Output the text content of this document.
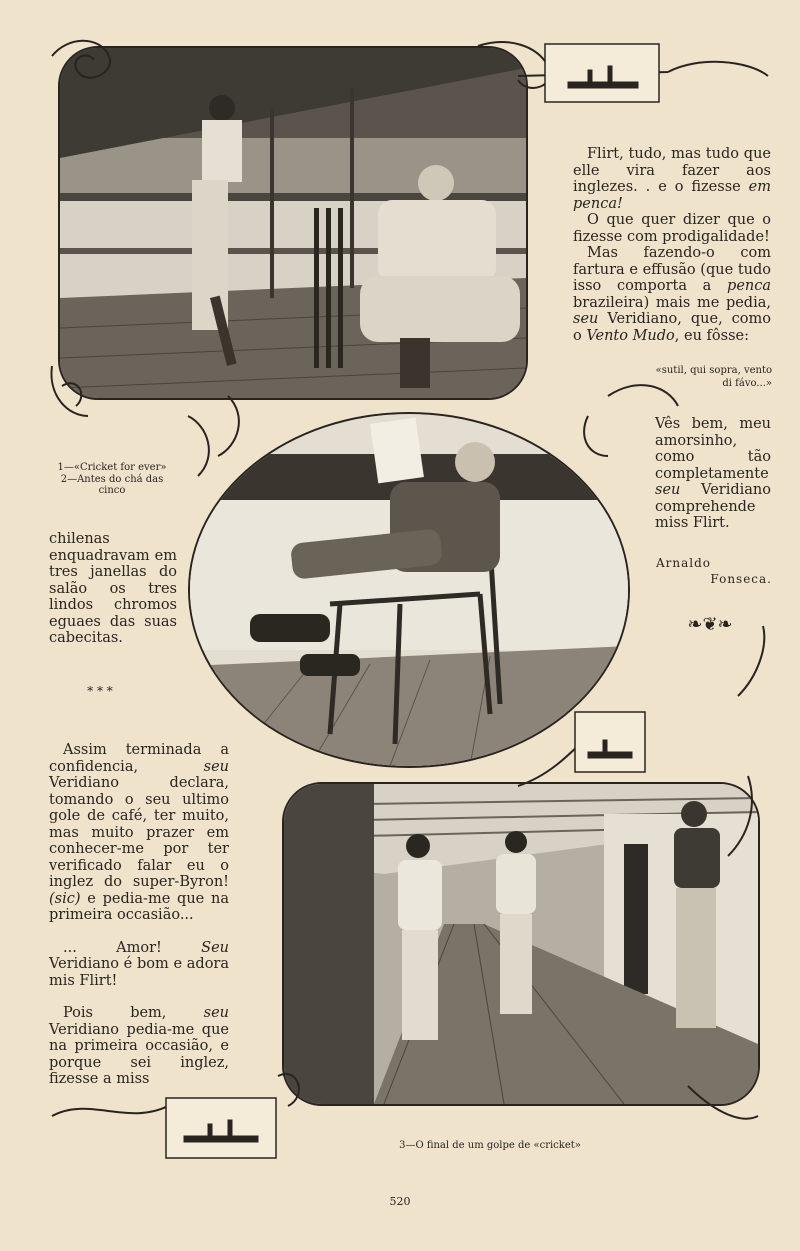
Flirt, tudo, mas tudo que elle vira fazer aos inglezes. . e o fizesse em penca!

O que quer dizer que o fizesse com prodigalidade!

Mas fazendo-o com fartura e effusão (que tudo isso comporta a penca brazileira) mais me pedia, seu Veridiano, que, como o Vento Mudo, eu fôsse:

«sutil, qui sopra, vento
di fávo...»

Vês bem, meu amorsinho, como tão completamente seu Veridiano comprehende miss Flirt.

Arnaldo
Fonseca.
❧❦❧

1—«Cricket for ever»

2—Antes do chá das cinco

chilenas enquadravam em tres janellas do salão os tres lindos chromos eguaes das suas cabecitas.

* * *

Assim terminada a confidencia, seu Veridiano declara, tomando o seu ultimo gole de café, ter muito, mas muito prazer em conhecer-me por ter verificado falar eu o inglez do super-Byron! (sic) e pedia-me que na primeira occasião...

... Amor! Seu Veridiano é bom e adora mis Flirt!

Pois bem, seu Veridiano pedia-me que na primeira occasião, e porque sei inglez, fizesse a miss

3—O final de um golpe de «cricket»
520
